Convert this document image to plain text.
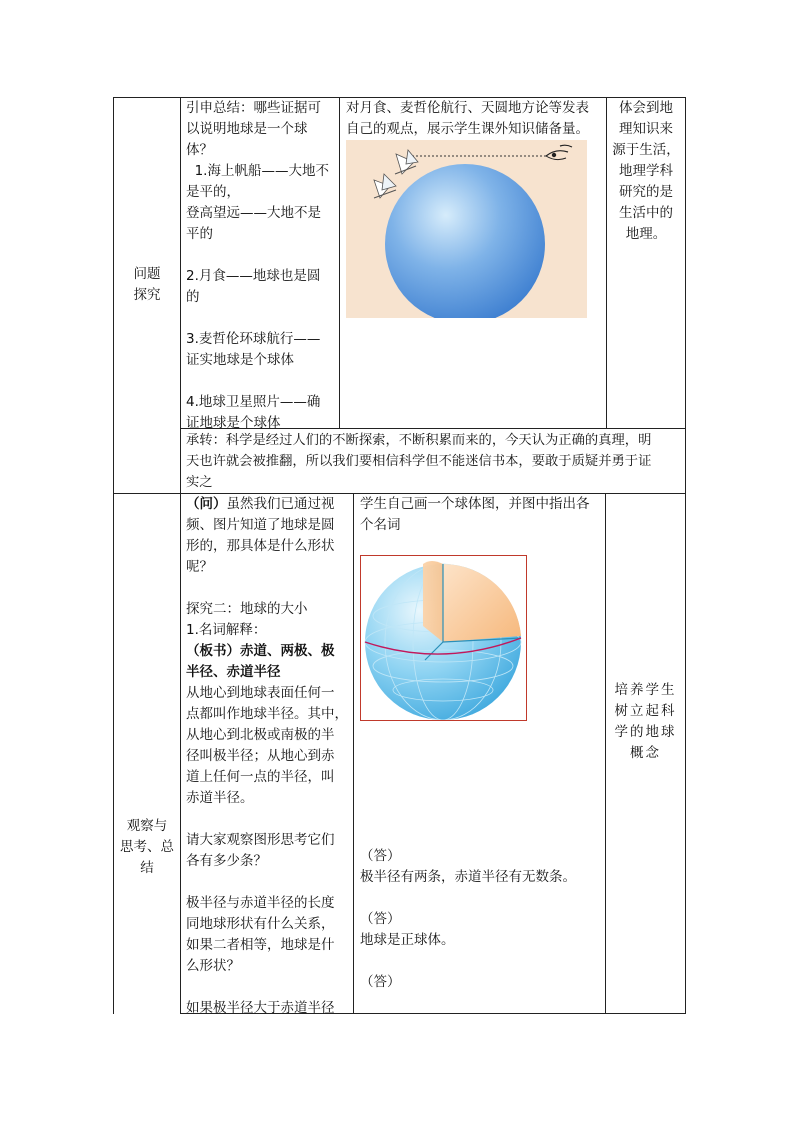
问题

探究

引申总结：哪些证据可

以说明地球是一个球

体？

1.海上帆船——大地不

是平的，

登高望远——大地不是

平的

2.月食——地球也是圆

的

3.麦哲伦环球航行——

证实地球是个球体

4.地球卫星照片——确

证地球是个球体

对月食、麦哲伦航行、天圆地方论等发表

自己的观点，展示学生课外知识储备量。

体会到地

理知识来

源于生活，

地理学科

研究的是

生活中的

地理。

承转：科学是经过人们的不断探索，不断积累而来的，今天认为正确的真理，明

天也许就会被推翻，所以我们要相信科学但不能迷信书本，要敢于质疑并勇于证

实之

观察与

思考、总

结

（问）虽然我们已通过视

频、图片知道了地球是圆

形的，那具体是什么形状

呢？

探究二：地球的大小

1.名词解释：

（板书）赤道、两极、极

半径、赤道半径

从地心到地球表面任何一

点都叫作地球半径。其中，

从地心到北极或南极的半

径叫极半径；从地心到赤

道上任何一点的半径，叫

赤道半径。

请大家观察图形思考它们

各有多少条？

极半径与赤道半径的长度

同地球形状有什么关系，

如果二者相等，地球是什

么形状？

如果极半径大于赤道半径

学生自己画一个球体图，并图中指出各

个名词

（答）

极半径有两条，赤道半径有无数条。

（答）

地球是正球体。

（答）

培养学生

树立起科

学的地球

概念
